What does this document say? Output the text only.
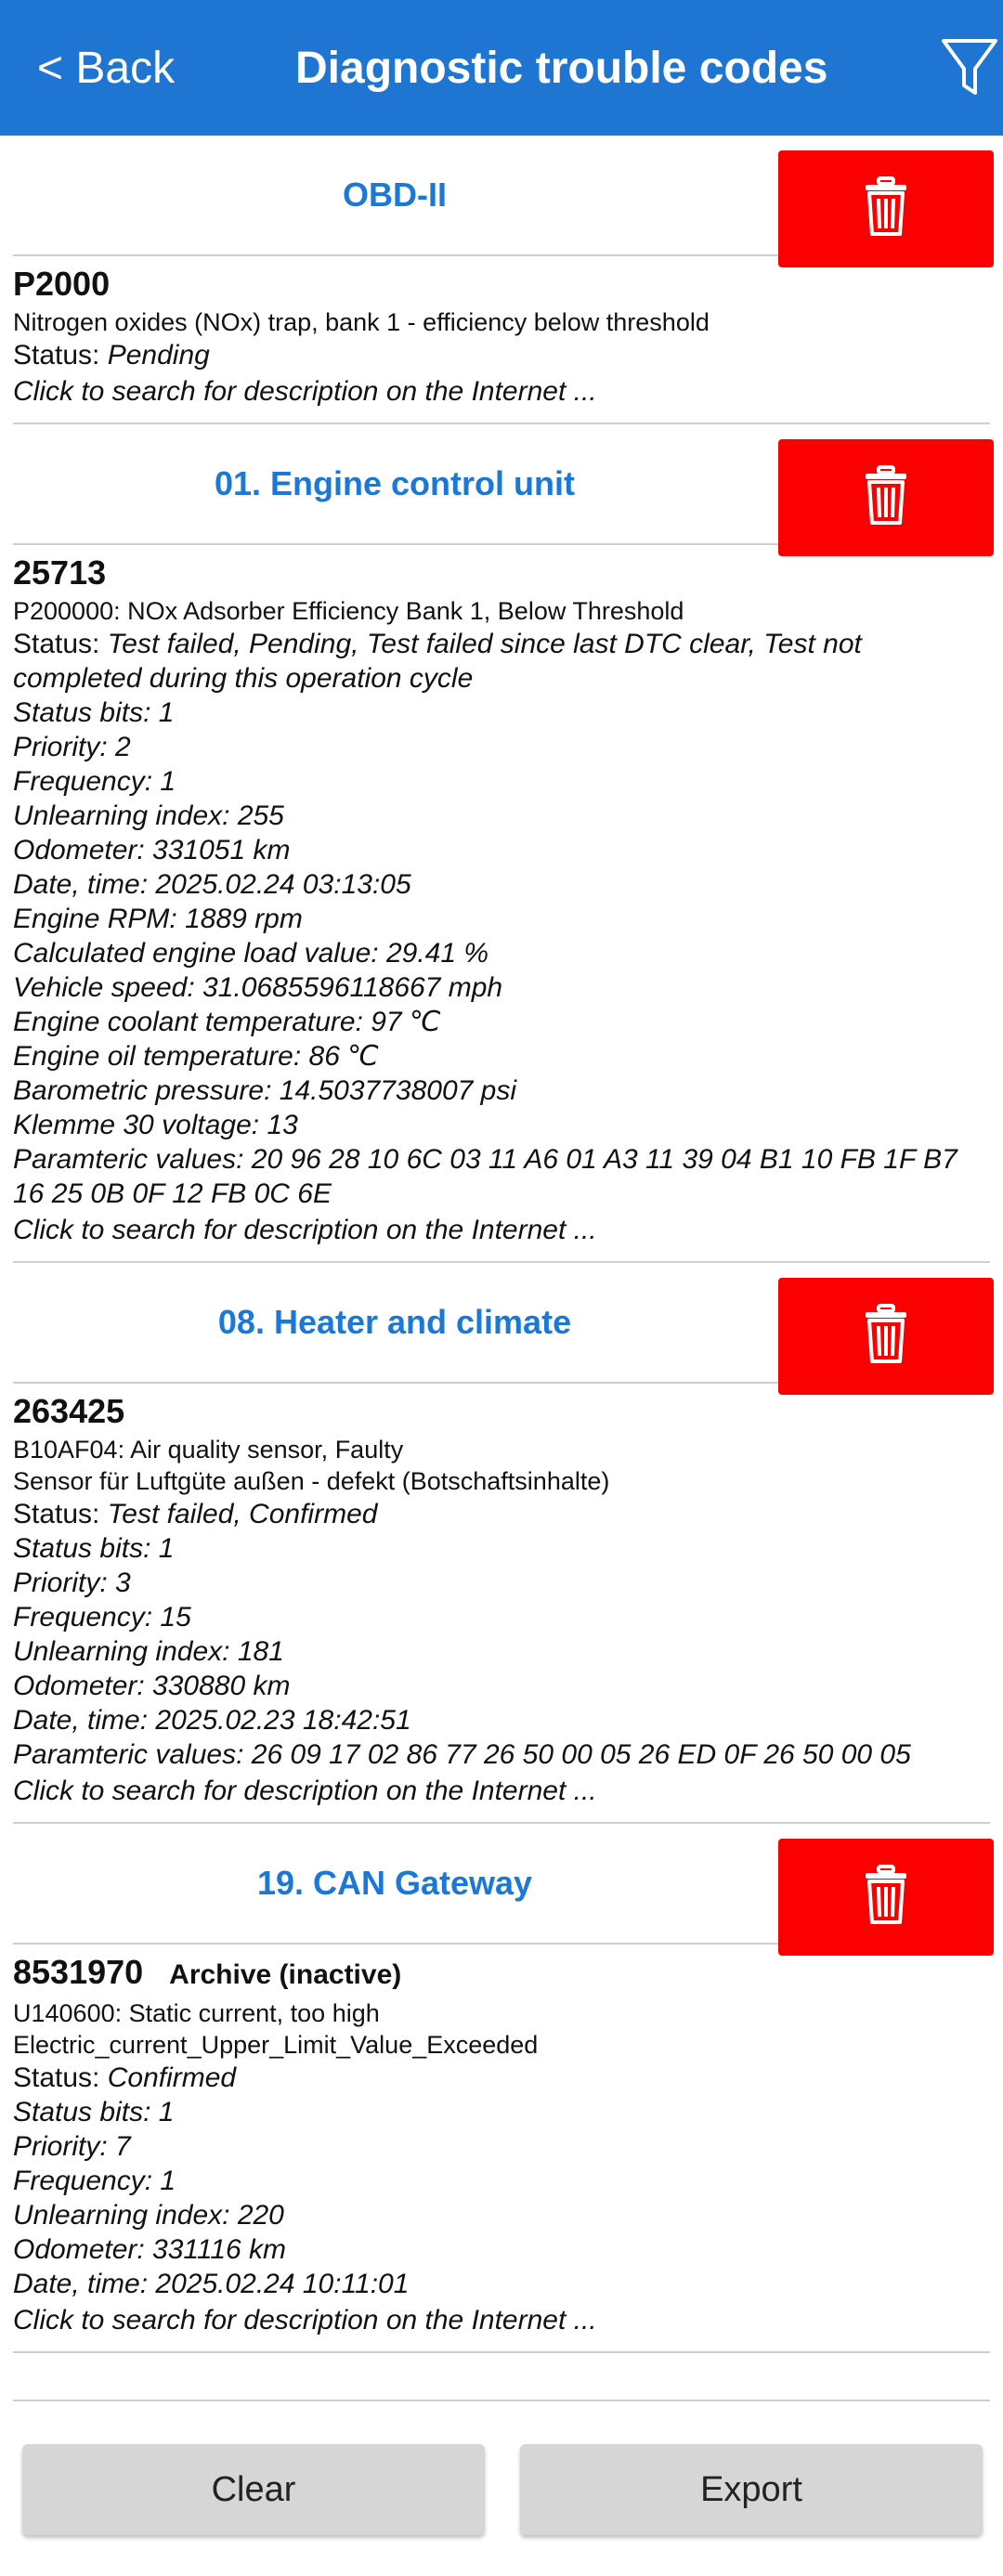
< Back	Diagnostic trouble codes
OBD-II
P2000
Nitrogen oxides (NOx) trap, bank 1 - efficiency below threshold
Status: Pending
Click to search for description on the Internet ...
01. Engine control unit
25713
P200000: NOx Adsorber Efficiency Bank 1, Below Threshold
Status: Test failed, Pending, Test failed since last DTC clear, Test not completed during this operation cycle
Status bits: 1
Priority: 2
Frequency: 1
Unlearning index: 255
Odometer: 331051 km
Date, time: 2025.02.24 03:13:05
Engine RPM: 1889 rpm
Calculated engine load value: 29.41 %
Vehicle speed: 31.0685596118667 mph
Engine coolant temperature: 97 ℃
Engine oil temperature: 86 ℃
Barometric pressure: 14.5037738007 psi
Klemme 30 voltage: 13
Paramteric values: 20 96 28 10 6C 03 11 A6 01 A3 11 39 04 B1 10 FB 1F B7 16 25 0B 0F 12 FB 0C 6E
Click to search for description on the Internet ...
08. Heater and climate
263425
B10AF04: Air quality sensor, Faulty
Sensor für Luftgüte außen - defekt (Botschaftsinhalte)
Status: Test failed, Confirmed
Status bits: 1
Priority: 3
Frequency: 15
Unlearning index: 181
Odometer: 330880 km
Date, time: 2025.02.23 18:42:51
Paramteric values: 26 09 17 02 86 77 26 50 00 05 26 ED 0F 26 50 00 05
Click to search for description on the Internet ...
19. CAN Gateway
8531970 Archive (inactive)
U140600: Static current, too high
Electric_current_Upper_Limit_Value_Exceeded
Status: Confirmed
Status bits: 1
Priority: 7
Frequency: 1
Unlearning index: 220
Odometer: 331116 km
Date, time: 2025.02.24 10:11:01
Click to search for description on the Internet ...
Clear	Export
